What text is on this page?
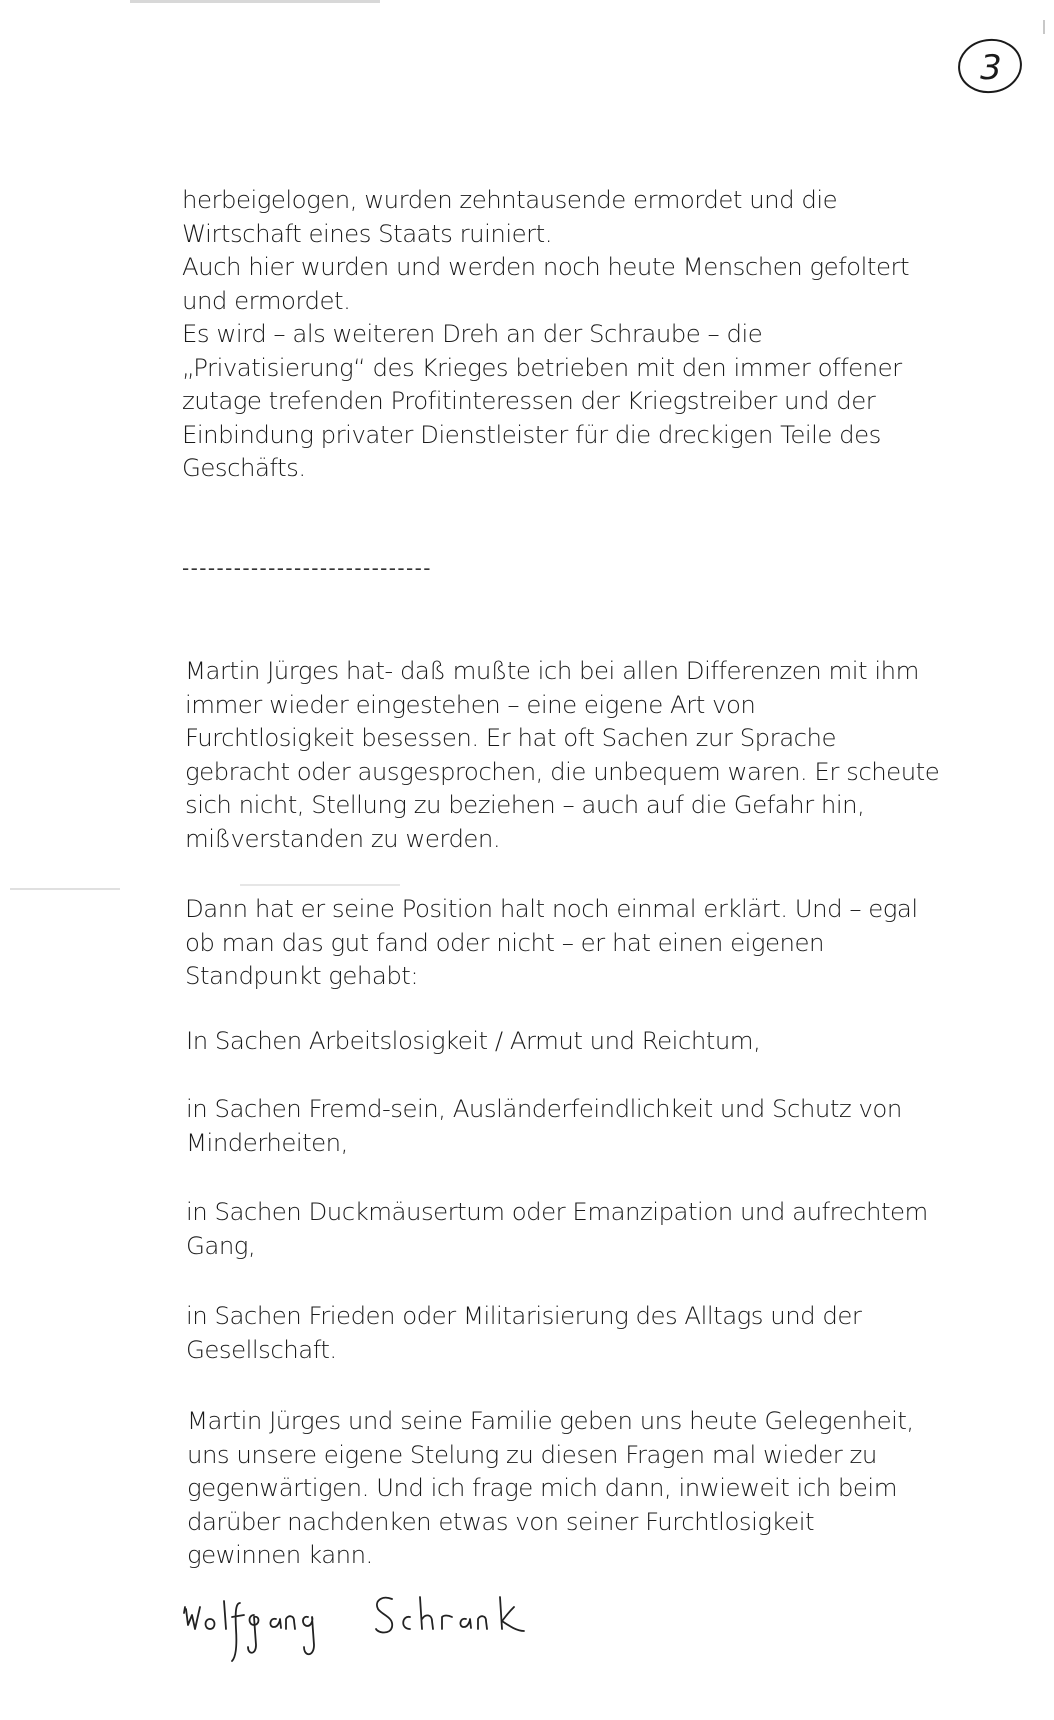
3
herbeigelogen, wurden zehntausende ermordet und die
Wirtschaft eines Staats ruiniert.
Auch hier wurden und werden noch heute Menschen gefoltert
und ermordet.
Es wird – als weiteren Dreh an der Schraube – die
„Privatisierung“ des Krieges betrieben mit den immer offener
zutage trefenden Profitinteressen der Kriegstreiber und der
Einbindung privater Dienstleister für die dreckigen Teile des
Geschäfts.
-----------------------------
Martin Jürges hat- daß mußte ich bei allen Differenzen mit ihm
immer wieder eingestehen – eine eigene Art von
Furchtlosigkeit besessen. Er hat oft Sachen zur Sprache
gebracht oder ausgesprochen, die unbequem waren. Er scheute
sich nicht, Stellung zu beziehen – auch auf die Gefahr hin,
mißverstanden zu werden.
Dann hat er seine Position halt noch einmal erklärt. Und – egal
ob man das gut fand oder nicht – er hat einen eigenen
Standpunkt gehabt:
In Sachen Arbeitslosigkeit / Armut und Reichtum,
in Sachen Fremd-sein, Ausländerfeindlichkeit und Schutz von
Minderheiten,
in Sachen Duckmäusertum oder Emanzipation und aufrechtem
Gang,
in Sachen Frieden oder Militarisierung des Alltags und der
Gesellschaft.
Martin Jürges und seine Familie geben uns heute Gelegenheit,
uns unsere eigene Stelung zu diesen Fragen mal wieder zu
gegenwärtigen. Und ich frage mich dann, inwieweit ich beim
darüber nachdenken etwas von seiner Furchtlosigkeit
gewinnen kann.
